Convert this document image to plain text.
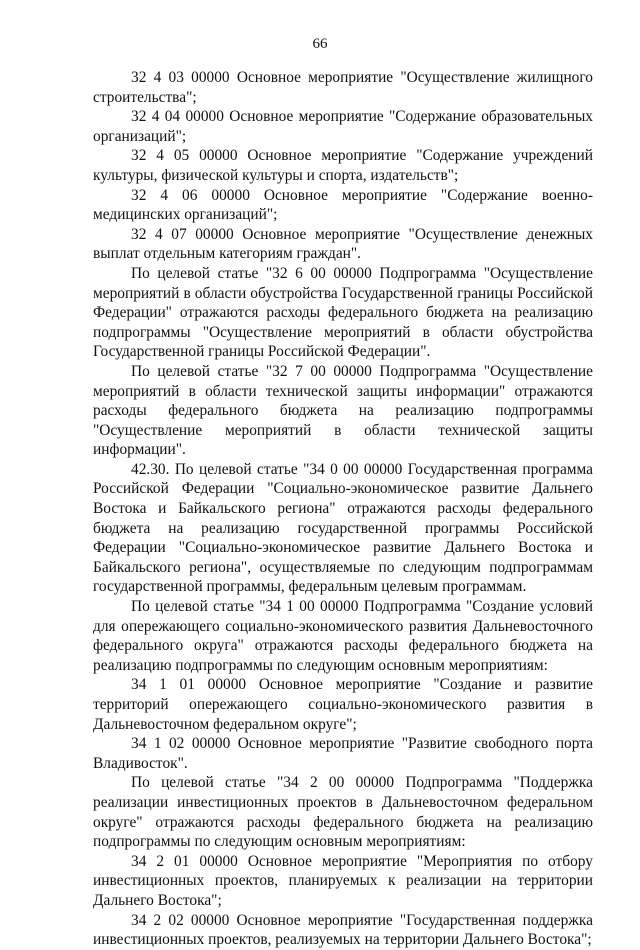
66

32 4 03 00000 Основное мероприятие "Осуществление жилищного строительства";

32 4 04 00000 Основное мероприятие "Содержание образовательных организаций";

32 4 05 00000 Основное мероприятие "Содержание учреждений культуры, физической культуры и спорта, издательств";

32 4 06 00000 Основное мероприятие "Содержание военно-медицинских организаций";

32 4 07 00000 Основное мероприятие "Осуществление денежных выплат отдельным категориям граждан".

По целевой статье "32 6 00 00000 Подпрограмма "Осуществление мероприятий в области обустройства Государственной границы Российской Федерации" отражаются расходы федерального бюджета на реализацию подпрограммы "Осуществление мероприятий в области обустройства Государственной границы Российской Федерации".

По целевой статье "32 7 00 00000 Подпрограмма "Осуществление мероприятий в области технической защиты информации" отражаются расходы федерального бюджета на реализацию подпрограммы "Осуществление мероприятий в области технической защиты информации".

42.30. По целевой статье "34 0 00 00000 Государственная программа Российской Федерации "Социально-экономическое развитие Дальнего Востока и Байкальского региона" отражаются расходы федерального бюджета на реализацию государственной программы Российской Федерации "Социально-экономическое развитие Дальнего Востока и Байкальского региона", осуществляемые по следующим подпрограммам государственной программы, федеральным целевым программам.

По целевой статье "34 1 00 00000 Подпрограмма "Создание условий для опережающего социально-экономического развития Дальневосточного федерального округа" отражаются расходы федерального бюджета на реализацию подпрограммы по следующим основным мероприятиям:

34 1 01 00000 Основное мероприятие "Создание и развитие территорий опережающего социально-экономического развития в Дальневосточном федеральном округе";

34 1 02 00000 Основное мероприятие "Развитие свободного порта Владивосток".

По целевой статье "34 2 00 00000 Подпрограмма "Поддержка реализации инвестиционных проектов в Дальневосточном федеральном округе" отражаются расходы федерального бюджета на реализацию подпрограммы по следующим основным мероприятиям:

34 2 01 00000 Основное мероприятие "Мероприятия по отбору инвестиционных проектов, планируемых к реализации на территории Дальнего Востока";

34 2 02 00000 Основное мероприятие "Государственная поддержка инвестиционных проектов, реализуемых на территории Дальнего Востока";
